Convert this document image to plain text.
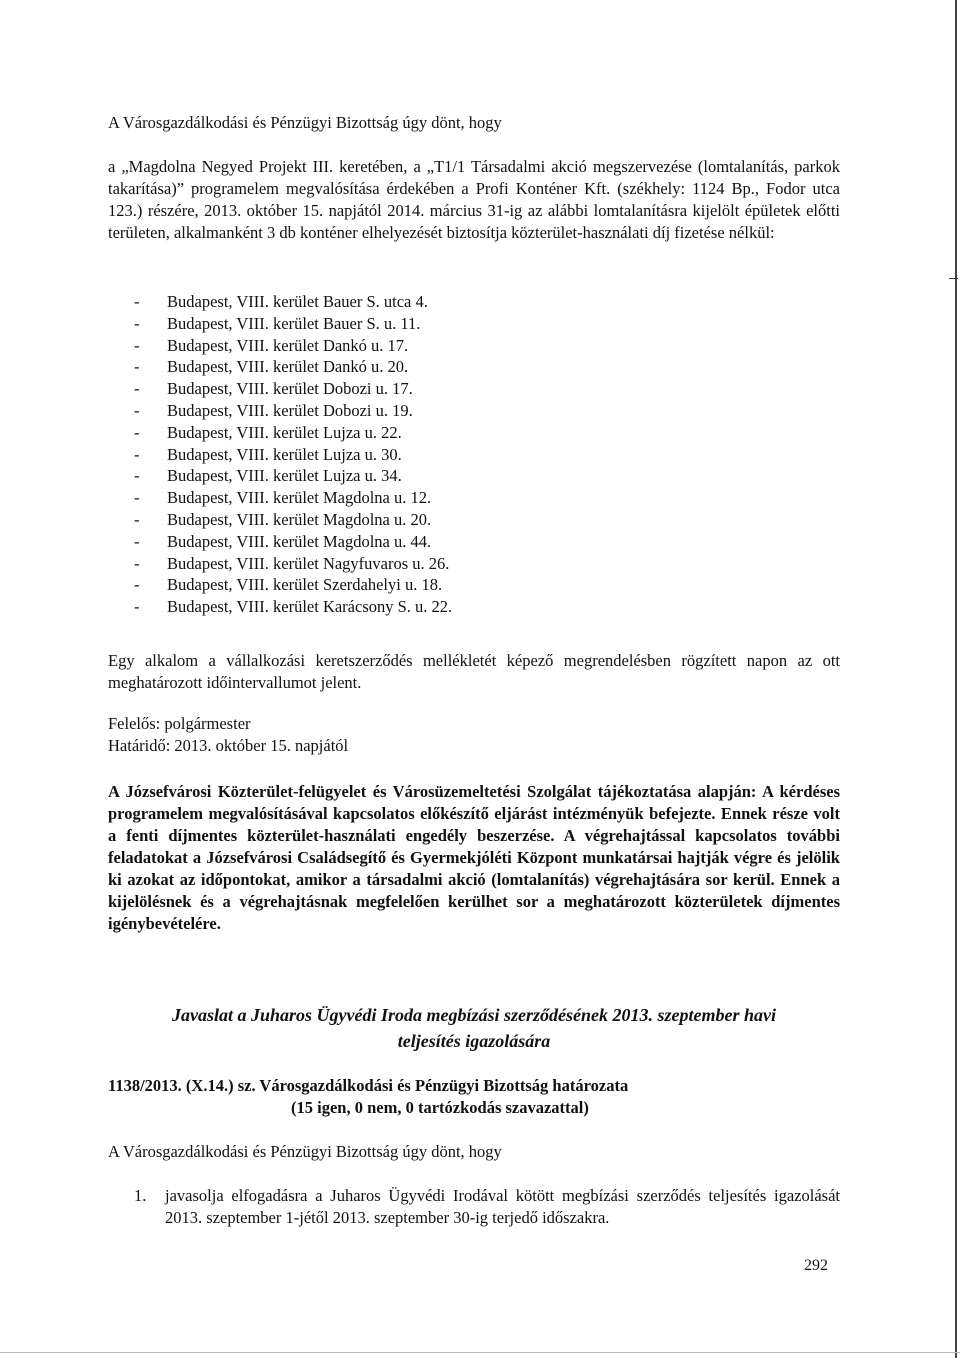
A Városgazdálkodási és Pénzügyi Bizottság úgy dönt, hogy

a „Magdolna Negyed Projekt III. keretében, a „T1/1 Társadalmi akció megszervezése (lomtalanítás, parkok takarítása)” programelem megvalósítása érdekében a Profi Konténer Kft. (székhely: 1124 Bp., Fodor utca 123.) részére, 2013. október 15. napjától 2014. március 31-ig az alábbi lomtalanításra kijelölt épületek előtti területen, alkalmanként 3 db konténer elhelyezését biztosítja közterület-használati díj fizetése nélkül:

- Budapest, VIII. kerület Bauer S. utca 4.
- Budapest, VIII. kerület Bauer S. u. 11.
- Budapest, VIII. kerület Dankó u. 17.
- Budapest, VIII. kerület Dankó u. 20.
- Budapest, VIII. kerület Dobozi u. 17.
- Budapest, VIII. kerület Dobozi u. 19.
- Budapest, VIII. kerület Lujza u. 22.
- Budapest, VIII. kerület Lujza u. 30.
- Budapest, VIII. kerület Lujza u. 34.
- Budapest, VIII. kerület Magdolna u. 12.
- Budapest, VIII. kerület Magdolna u. 20.
- Budapest, VIII. kerület Magdolna u. 44.
- Budapest, VIII. kerület Nagyfuvaros u. 26.
- Budapest, VIII. kerület Szerdahelyi u. 18.
- Budapest, VIII. kerület Karácsony S. u. 22.

Egy alkalom a vállalkozási keretszerződés mellékletét képező megrendelésben rögzített napon az ott meghatározott időintervallumot jelent.

Felelős: polgármester

Határidő: 2013. október 15. napjától

A Józsefvárosi Közterület-felügyelet és Városüzemeltetési Szolgálat tájékoztatása alapján: A kérdéses programelem megvalósításával kapcsolatos előkészítő eljárást intézményük befejezte. Ennek része volt a fenti díjmentes közterület-használati engedély beszerzése. A végrehajtással kapcsolatos további feladatokat a Józsefvárosi Családsegítő és Gyermekjóléti Központ munkatársai hajtják végre és jelölik ki azokat az időpontokat, amikor a társadalmi akció (lomtalanítás) végrehajtására sor kerül. Ennek a kijelölésnek és a végrehajtásnak megfelelően kerülhet sor a meghatározott közterületek díjmentes igénybevételére.

Javaslat a Juharos Ügyvédi Iroda megbízási szerződésének 2013. szeptember havi
teljesítés igazolására

1138/2013. (X.14.) sz. Városgazdálkodási és Pénzügyi Bizottság határozata

(15 igen, 0 nem, 0 tartózkodás szavazattal)

A Városgazdálkodási és Pénzügyi Bizottság úgy dönt, hogy

1. javasolja elfogadásra a Juharos Ügyvédi Irodával kötött megbízási szerződés teljesítés igazolását 2013. szeptember 1-jétől 2013. szeptember 30-ig terjedő időszakra.

292
